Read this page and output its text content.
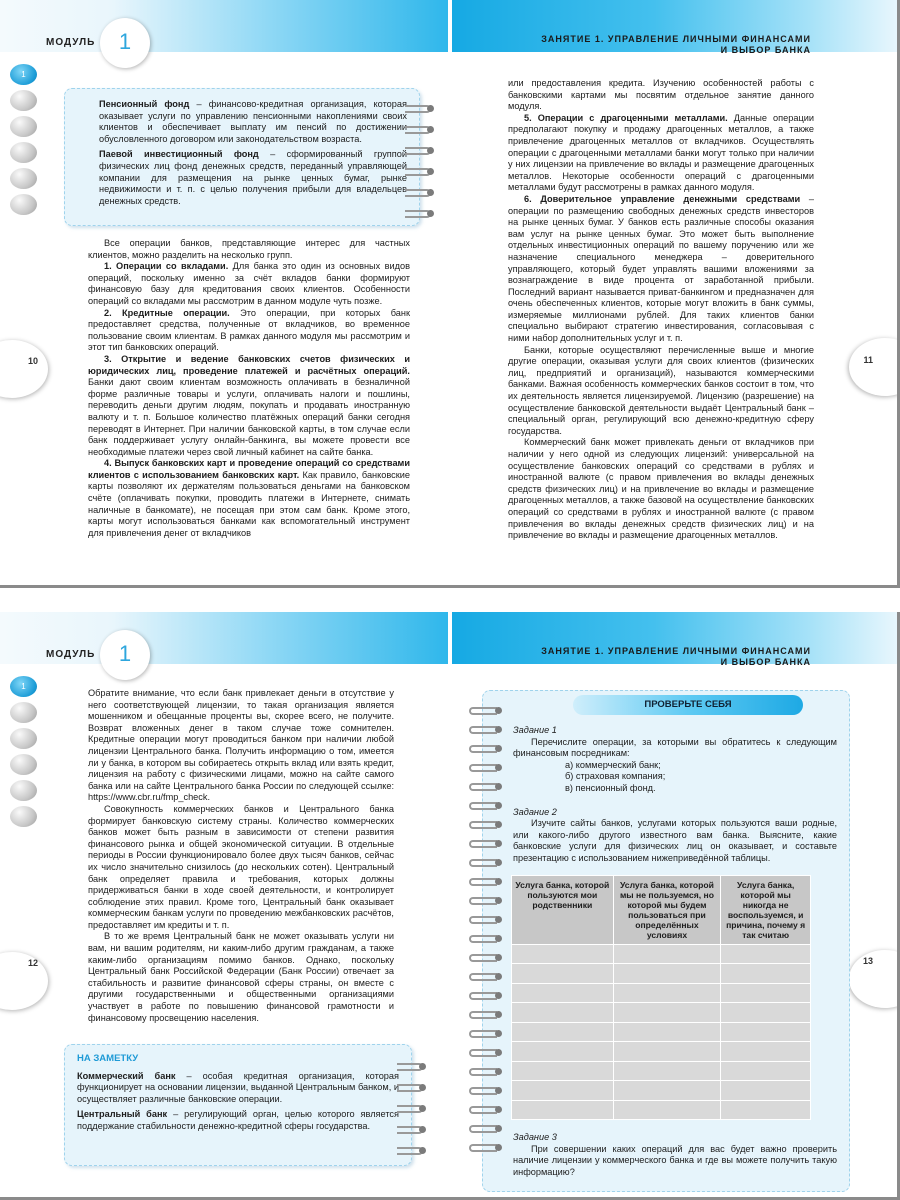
МОДУЛЬ	1	ЗАНЯТИЕ 1. УПРАВЛЕНИЕ ЛИЧНЫМИ ФИНАНСАМИ
И ВЫБОР БАНКА
1
10	11

Пенсионный фонд – финансово-кредитная организация, которая оказывает услуги по управлению пенсионными накоплениями своих клиентов и обеспечивает выплату им пенсий по достижении обусловленного договором или законодательством возраста.

Паевой инвестиционный фонд – сформированный группой физических лиц фонд денежных средств, переданный управляющей компании для размещения на рынке ценных бумаг, рынке недвижимости и т. п. с целью получения прибыли для владельцев денежных средств.

Все операции банков, представляющие интерес для частных клиентов, можно разделить на несколько групп.

1. Операции со вкладами. Для банка это один из основных видов операций, поскольку именно за счёт вкладов банки формируют финансовую базу для кредитования своих клиентов. Особенности операций со вкладами мы рассмотрим в данном модуле чуть позже.

2. Кредитные операции. Это операции, при которых банк предоставляет средства, полученные от вкладчиков, во временное пользование своим клиентам. В рамках данного модуля мы рассмотрим и этот тип банковских операций.

3. Открытие и ведение банковских счетов физических и юридических лиц, проведение платежей и расчётных операций. Банки дают своим клиентам возможность оплачивать в безналичной форме различные товары и услуги, оплачивать налоги и пошлины, переводить деньги другим людям, покупать и продавать иностранную валюту и т. п. Большое количество платёжных операций банки сегодня переводят в Интернет. При наличии банковской карты, в том случае если банк поддерживает услугу онлайн-банкинга, вы можете провести все необходимые платежи через свой личный кабинет на сайте банка.

4. Выпуск банковских карт и проведение операций со средствами клиентов с использованием банковских карт. Как правило, банковские карты позволяют их держателям пользоваться деньгами на банковском счёте (оплачивать покупки, проводить платежи в Интернете, снимать наличные в банкомате), не посещая при этом сам банк. Кроме этого, карты могут использоваться банками как вспомогательный инструмент для привлечения денег от вкладчиков

или предоставления кредита. Изучению особенностей работы с банковскими картами мы посвятим отдельное занятие данного модуля.

5. Операции с драгоценными металлами. Данные операции предполагают покупку и продажу драгоценных металлов, а также привлечение драгоценных металлов от вкладчиков. Осуществлять операции с драгоценными металлами банки могут только при наличии у них лицензии на привлечение во вклады и размещение драгоценных металлов. Некоторые особенности операций с драгоценными металлами будут рассмотрены в рамках данного модуля.

6. Доверительное управление денежными средствами – операции по размещению свободных денежных средств инвесторов на рынке ценных бумаг. У банков есть различные способы оказания вам услуг на рынке ценных бумаг. Это может быть выполнение отдельных инвестиционных операций по вашему поручению или же назначение специального менеджера – доверительного управляющего, который будет управлять вашими вложениями за вознаграждение в виде процента от заработанной прибыли. Последний вариант называется приват-банкингом и предназначен для очень обеспеченных клиентов, которые могут вложить в банк суммы, измеряемые миллионами рублей. Для таких клиентов банки специально выбирают стратегию инвестирования, согласовывая с ними набор дополнительных услуг и т. п.

Банки, которые осуществляют перечисленные выше и многие другие операции, оказывая услуги для своих клиентов (физических лиц, предприятий и организаций), называются коммерческими банками. Важная особенность коммерческих банков состоит в том, что их деятельность является лицензируемой. Лицензию (разрешение) на осуществление банковской деятельности выдаёт Центральный банк – специальный орган, регулирующий всю денежно-кредитную сферу государства.

Коммерческий банк может привлекать деньги от вкладчиков при наличии у него одной из следующих лицензий: универсальной на осуществление банковских операций со средствами в рублях и иностранной валюте (с правом привлечения во вклады денежных средств физических лиц) и на привлечение во вклады и размещение драгоценных металлов, а также базовой на осуществление банковских операций со средствами в рублях и иностранной валюте (с правом привлечения во вклады денежных средств физических лиц) и на привлечение во вклады и размещение драгоценных металлов.

МОДУЛЬ	1	ЗАНЯТИЕ 1. УПРАВЛЕНИЕ ЛИЧНЫМИ ФИНАНСАМИ
И ВЫБОР БАНКА
1
12	13

Обратите внимание, что если банк привлекает деньги в отсутствие у него соответствующей лицензии, то такая организация является мошенником и обещанные проценты вы, скорее всего, не получите. Возврат вложенных денег в таком случае тоже сомнителен. Кредитные операции могут проводиться банком при наличии любой лицензии Центрального банка. Получить информацию о том, имеется ли у банка, в котором вы собираетесь открыть вклад или взять кредит, лицензия на работу с физическими лицами, можно на сайте самого банка или на сайте Центрального банка России по следующей ссылке: https://www.cbr.ru/fmp_check.

Совокупность коммерческих банков и Центрального банка формирует банковскую систему страны. Количество коммерческих банков может быть разным в зависимости от степени развития финансового рынка и общей экономической ситуации. В отдельные периоды в России функционировало более двух тысяч банков, сейчас их число значительно снизилось (до нескольких сотен). Центральный банк определяет правила и требования, которых должны придерживаться банки в ходе своей деятельности, и контролирует соблюдение этих правил. Кроме того, Центральный банк оказывает коммерческим банкам услуги по проведению межбанковских расчётов, предоставляет им кредиты и т. п.

В то же время Центральный банк не может оказывать услуги ни вам, ни вашим родителям, ни каким-либо другим гражданам, а также каким-либо организациям помимо банков. Однако, поскольку Центральный банк Российской Федерации (Банк России) отвечает за стабильность и развитие финансовой сферы страны, он вместе с другими государственными и общественными организациями участвует в работе по повышению финансовой грамотности и финансовому просвещению населения.

НА ЗАМЕТКУ

Коммерческий банк – особая кредитная организация, которая функционирует на основании лицензии, выданной Центральным банком, и осуществляет различные банковские операции.

Центральный банк – регулирующий орган, целью которого является поддержание стабильности денежно-кредитной сферы государства.

ПРОВЕРЬТЕ СЕБЯ
Задание 1
Перечислите операции, за которыми вы обратитесь к следующим финансовым посредникам:
а) коммерческий банк;
б) страховая компания;
в) пенсионный фонд.
Задание 2
Изучите сайты банков, услугами которых пользуются ваши родные, или какого-либо другого известного вам банка. Выясните, какие банковские услуги для физических лиц он оказывает, и составьте презентацию с использованием нижеприведённой таблицы.
Услуга банка, которой пользуются мои родственники	Услуга банка, которой мы не пользуемся, но которой мы будем пользоваться при определённых условиях	Услуга банка, которой мы никогда не воспользуемся, и причина, почему я так считаю

Задание 3
При совершении каких операций для вас будет важно проверить наличие лицензии у коммерческого банка и где вы можете получить такую информацию?
